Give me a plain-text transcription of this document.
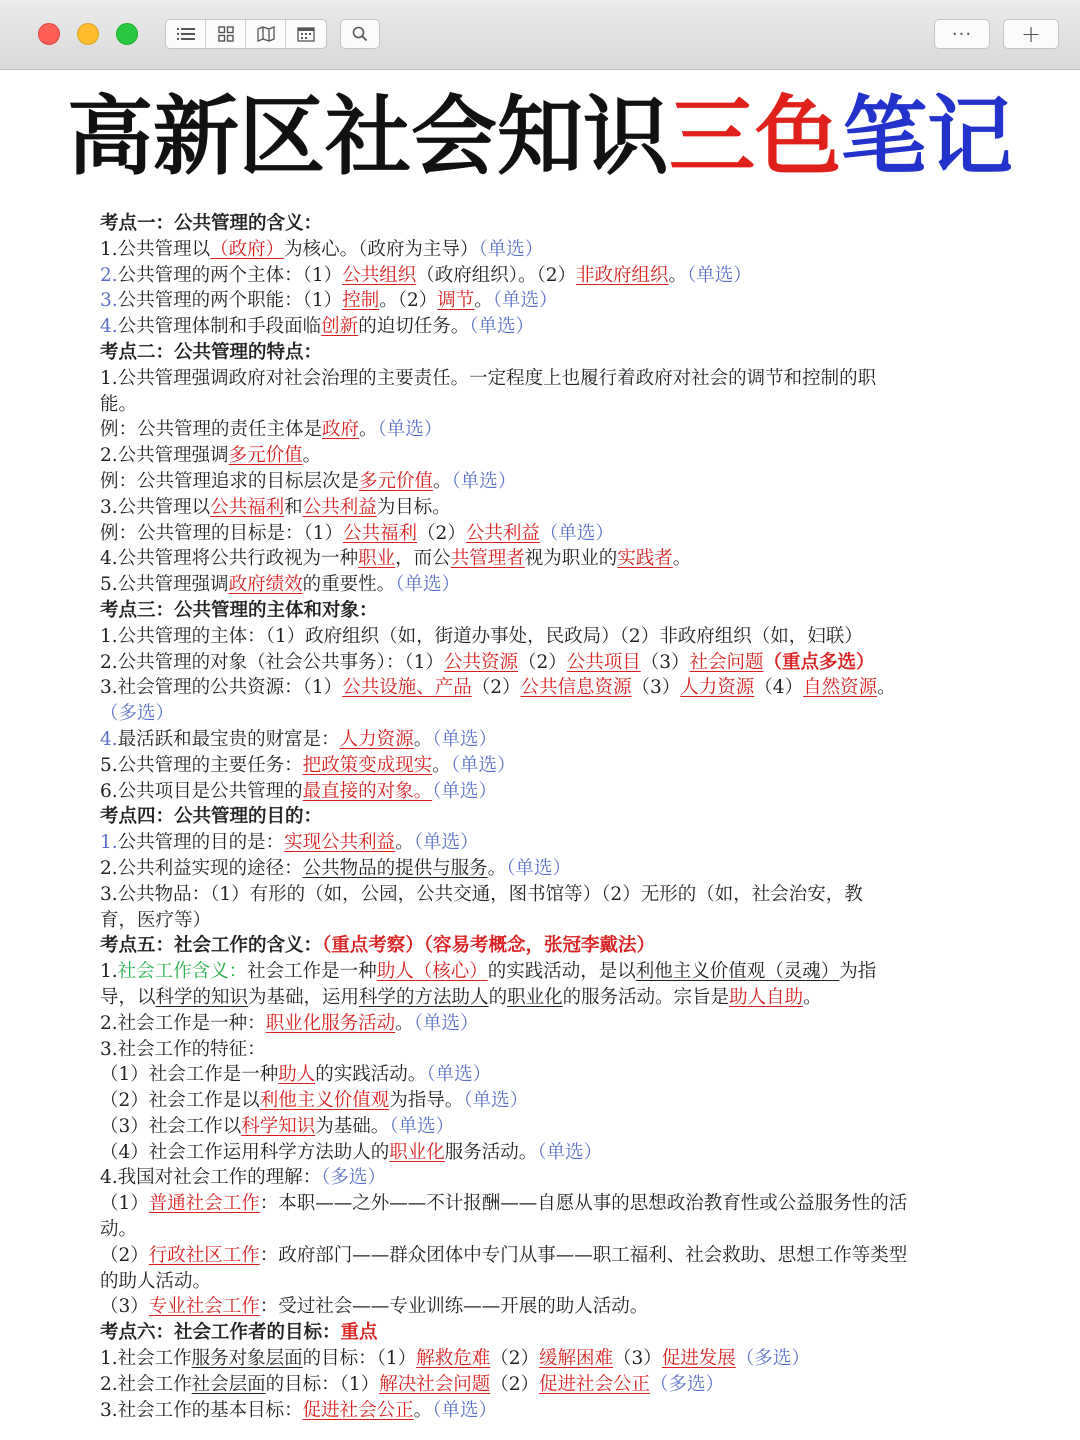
··· +
高新区社会知识三色笔记
考点一：公共管理的含义：
1.公共管理以（政府）为核心。（政府为主导）（单选）
2.公共管理的两个主体：（1）公共组织（政府组织）。（2）非政府组织。（单选）
3.公共管理的两个职能：（1）控制。（2）调节。（单选）
4.公共管理体制和手段面临创新的迫切任务。（单选）
考点二：公共管理的特点：
1.公共管理强调政府对社会治理的主要责任。一定程度上也履行着政府对社会的调节和控制的职
能。
例：公共管理的责任主体是政府。（单选）
2.公共管理强调多元价值。
例：公共管理追求的目标层次是多元价值。（单选）
3.公共管理以公共福利和公共利益为目标。
例：公共管理的目标是：（1）公共福利（2）公共利益（单选）
4.公共管理将公共行政视为一种职业，而公共管理者视为职业的实践者。
5.公共管理强调政府绩效的重要性。（单选）
考点三：公共管理的主体和对象：
1.公共管理的主体：（1）政府组织（如，街道办事处，民政局）（2）非政府组织（如，妇联）
2.公共管理的对象（社会公共事务）：（1）公共资源（2）公共项目（3）社会问题（重点多选）
3.社会管理的公共资源：（1）公共设施、产品（2）公共信息资源（3）人力资源（4）自然资源。
（多选）
4.最活跃和最宝贵的财富是：人力资源。（单选）
5.公共管理的主要任务：把政策变成现实。（单选）
6.公共项目是公共管理的最直接的对象。（单选）
考点四：公共管理的目的：
1.公共管理的目的是：实现公共利益。（单选）
2.公共利益实现的途径：公共物品的提供与服务。（单选）
3.公共物品：（1）有形的（如，公园，公共交通，图书馆等）（2）无形的（如，社会治安，教
育，医疗等）
考点五：社会工作的含义：（重点考察）（容易考概念，张冠李戴法）
1.社会工作含义：社会工作是一种助人（核心）的实践活动，是以利他主义价值观（灵魂）为指
导，以科学的知识为基础，运用科学的方法助人的职业化的服务活动。宗旨是助人自助。
2.社会工作是一种：职业化服务活动。（单选）
3.社会工作的特征：
（1）社会工作是一种助人的实践活动。（单选）
（2）社会工作是以利他主义价值观为指导。（单选）
（3）社会工作以科学知识为基础。（单选）
（4）社会工作运用科学方法助人的职业化服务活动。（单选）
4.我国对社会工作的理解：（多选）
（1）普通社会工作：本职——之外——不计报酬——自愿从事的思想政治教育性或公益服务性的活
动。
（2）行政社区工作：政府部门——群众团体中专门从事——职工福利、社会救助、思想工作等类型
的助人活动。
（3）专业社会工作：受过社会——专业训练——开展的助人活动。
考点六：社会工作者的目标：重点
1.社会工作服务对象层面的目标：（1）解救危难（2）缓解困难（3）促进发展（多选）
2.社会工作社会层面的目标：（1）解决社会问题（2）促进社会公正（多选）
3.社会工作的基本目标：促进社会公正。（单选）
